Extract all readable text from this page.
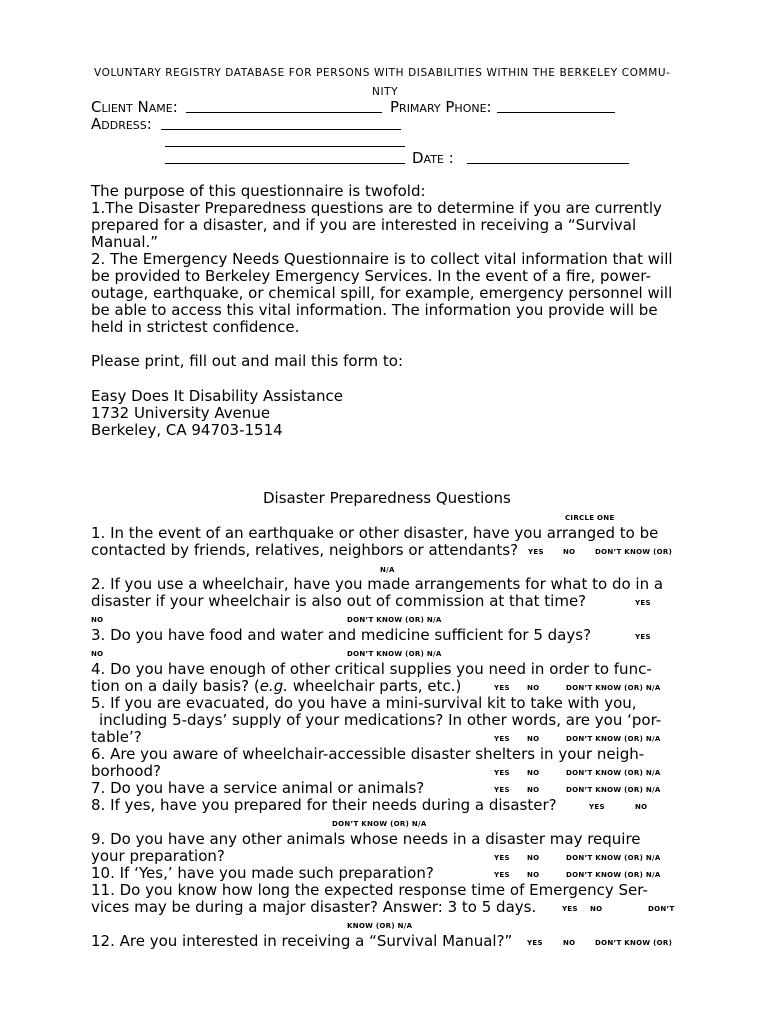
VOLUNTARY REGISTRY DATABASE FOR PERSONS WITH DISABILITIES WITHIN THE BERKELEY COMMU-
NITY
Client Name:	Primary Phone:
Address:
Date :
The purpose of this questionnaire is twofold:
1.The Disaster Preparedness questions are to determine if you are currently
prepared for a disaster, and if you are interested in receiving a “Survival
Manual.”
2. The Emergency Needs Questionnaire is to collect vital information that will
be provided to Berkeley Emergency Services. In the event of a fire, power-
outage, earthquake, or chemical spill, for example, emergency personnel will
be able to access this vital information. The information you provide will be
held in strictest confidence.
Please print, fill out and mail this form to:
Easy Does It Disability Assistance
1732 University Avenue
Berkeley, CA 94703-1514
Disaster Preparedness Questions
CIRCLE ONE
1. In the event of an earthquake or other disaster, have you arranged to be
contacted by friends, relatives, neighbors or attendants? YES	NO	DON’T KNOW (OR)
N/A
2. If you use a wheelchair, have you made arrangements for what to do in a
disaster if your wheelchair is also out of commission at that time?	YES
NO	DON’T KNOW (OR) N/A
3. Do you have food and water and medicine sufficient for 5 days?	YES
NO	DON’T KNOW (OR) N/A
4. Do you have enough of other critical supplies you need in order to func-
tion on a daily basis? (e.g. wheelchair parts, etc.)	YES NO	DON’T KNOW (OR) N/A
5. If you are evacuated, do you have a mini-survival kit to take with you,
including 5-days’ supply of your medications? In other words, are you ‘por-
table’?	YES NO	DON’T KNOW (OR) N/A
6. Are you aware of wheelchair-accessible disaster shelters in your neigh-
borhood?	YES NO	DON’T KNOW (OR) N/A
7. Do you have a service animal or animals?	YES NO	DON’T KNOW (OR) N/A
8. If yes, have you prepared for their needs during a disaster?	YES	NO
DON’T KNOW (OR) N/A
9. Do you have any other animals whose needs in a disaster may require
your preparation?	YES NO	DON’T KNOW (OR) N/A
10. If ‘Yes,’ have you made such preparation?	YES NO	DON’T KNOW (OR) N/A
11. Do you know how long the expected response time of Emergency Ser-
vices may be during a major disaster? Answer: 3 to 5 days.	YES NO	DON’T
KNOW (OR) N/A
12. Are you interested in receiving a “Survival Manual?” YES	NO	DON’T KNOW (OR)
